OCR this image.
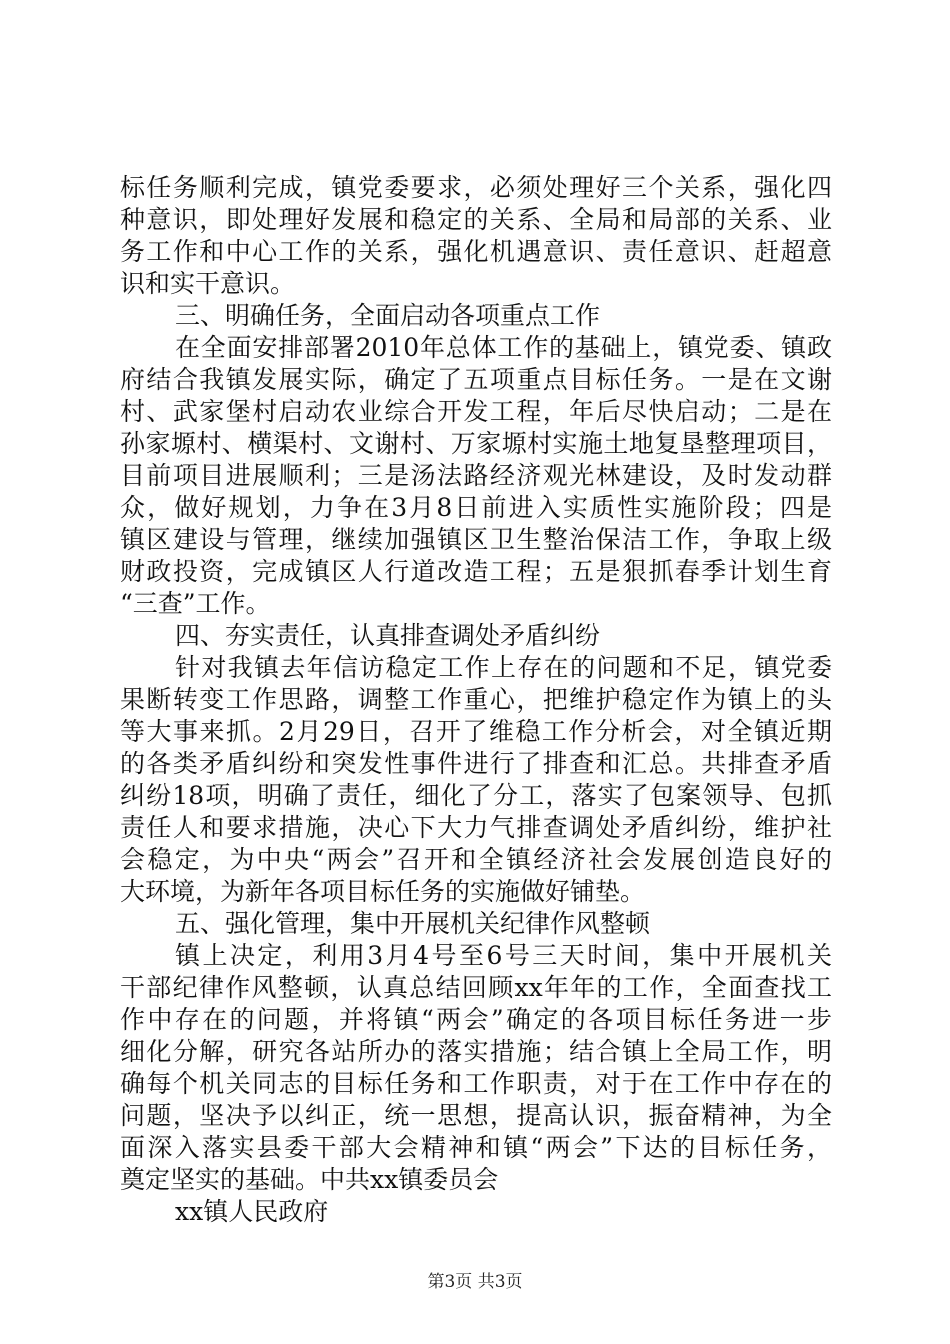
标任务顺利完成，镇党委要求，必须处理好三个关系，强化四
种意识，即处理好发展和稳定的关系、全局和局部的关系、业
务工作和中心工作的关系，强化机遇意识、责任意识、赶超意
识和实干意识。
三、明确任务，全面启动各项重点工作
在全面安排部署2010年总体工作的基础上，镇党委、镇政
府结合我镇发展实际，确定了五项重点目标任务。一是在文谢
村、武家堡村启动农业综合开发工程，年后尽快启动；二是在
孙家塬村、横渠村、文谢村、万家塬村实施土地复垦整理项目，
目前项目进展顺利；三是汤法路经济观光林建设，及时发动群
众，做好规划，力争在3月8日前进入实质性实施阶段；四是
镇区建设与管理，继续加强镇区卫生整治保洁工作，争取上级
财政投资，完成镇区人行道改造工程；五是狠抓春季计划生育
“三查”工作。
四、夯实责任，认真排查调处矛盾纠纷
针对我镇去年信访稳定工作上存在的问题和不足，镇党委
果断转变工作思路，调整工作重心，把维护稳定作为镇上的头
等大事来抓。2月29日，召开了维稳工作分析会，对全镇近期
的各类矛盾纠纷和突发性事件进行了排查和汇总。共排查矛盾
纠纷18项，明确了责任，细化了分工，落实了包案领导、包抓
责任人和要求措施，决心下大力气排查调处矛盾纠纷，维护社
会稳定，为中央“两会”召开和全镇经济社会发展创造良好的
大环境，为新年各项目标任务的实施做好铺垫。
五、强化管理，集中开展机关纪律作风整顿
镇上决定，利用3月4号至6号三天时间，集中开展机关
干部纪律作风整顿，认真总结回顾xx年年的工作，全面查找工
作中存在的问题，并将镇“两会”确定的各项目标任务进一步
细化分解，研究各站所办的落实措施；结合镇上全局工作，明
确每个机关同志的目标任务和工作职责，对于在工作中存在的
问题，坚决予以纠正，统一思想，提高认识，振奋精神，为全
面深入落实县委干部大会精神和镇“两会”下达的目标任务，
奠定坚实的基础。中共xx镇委员会
xx镇人民政府
第3页 共3页
